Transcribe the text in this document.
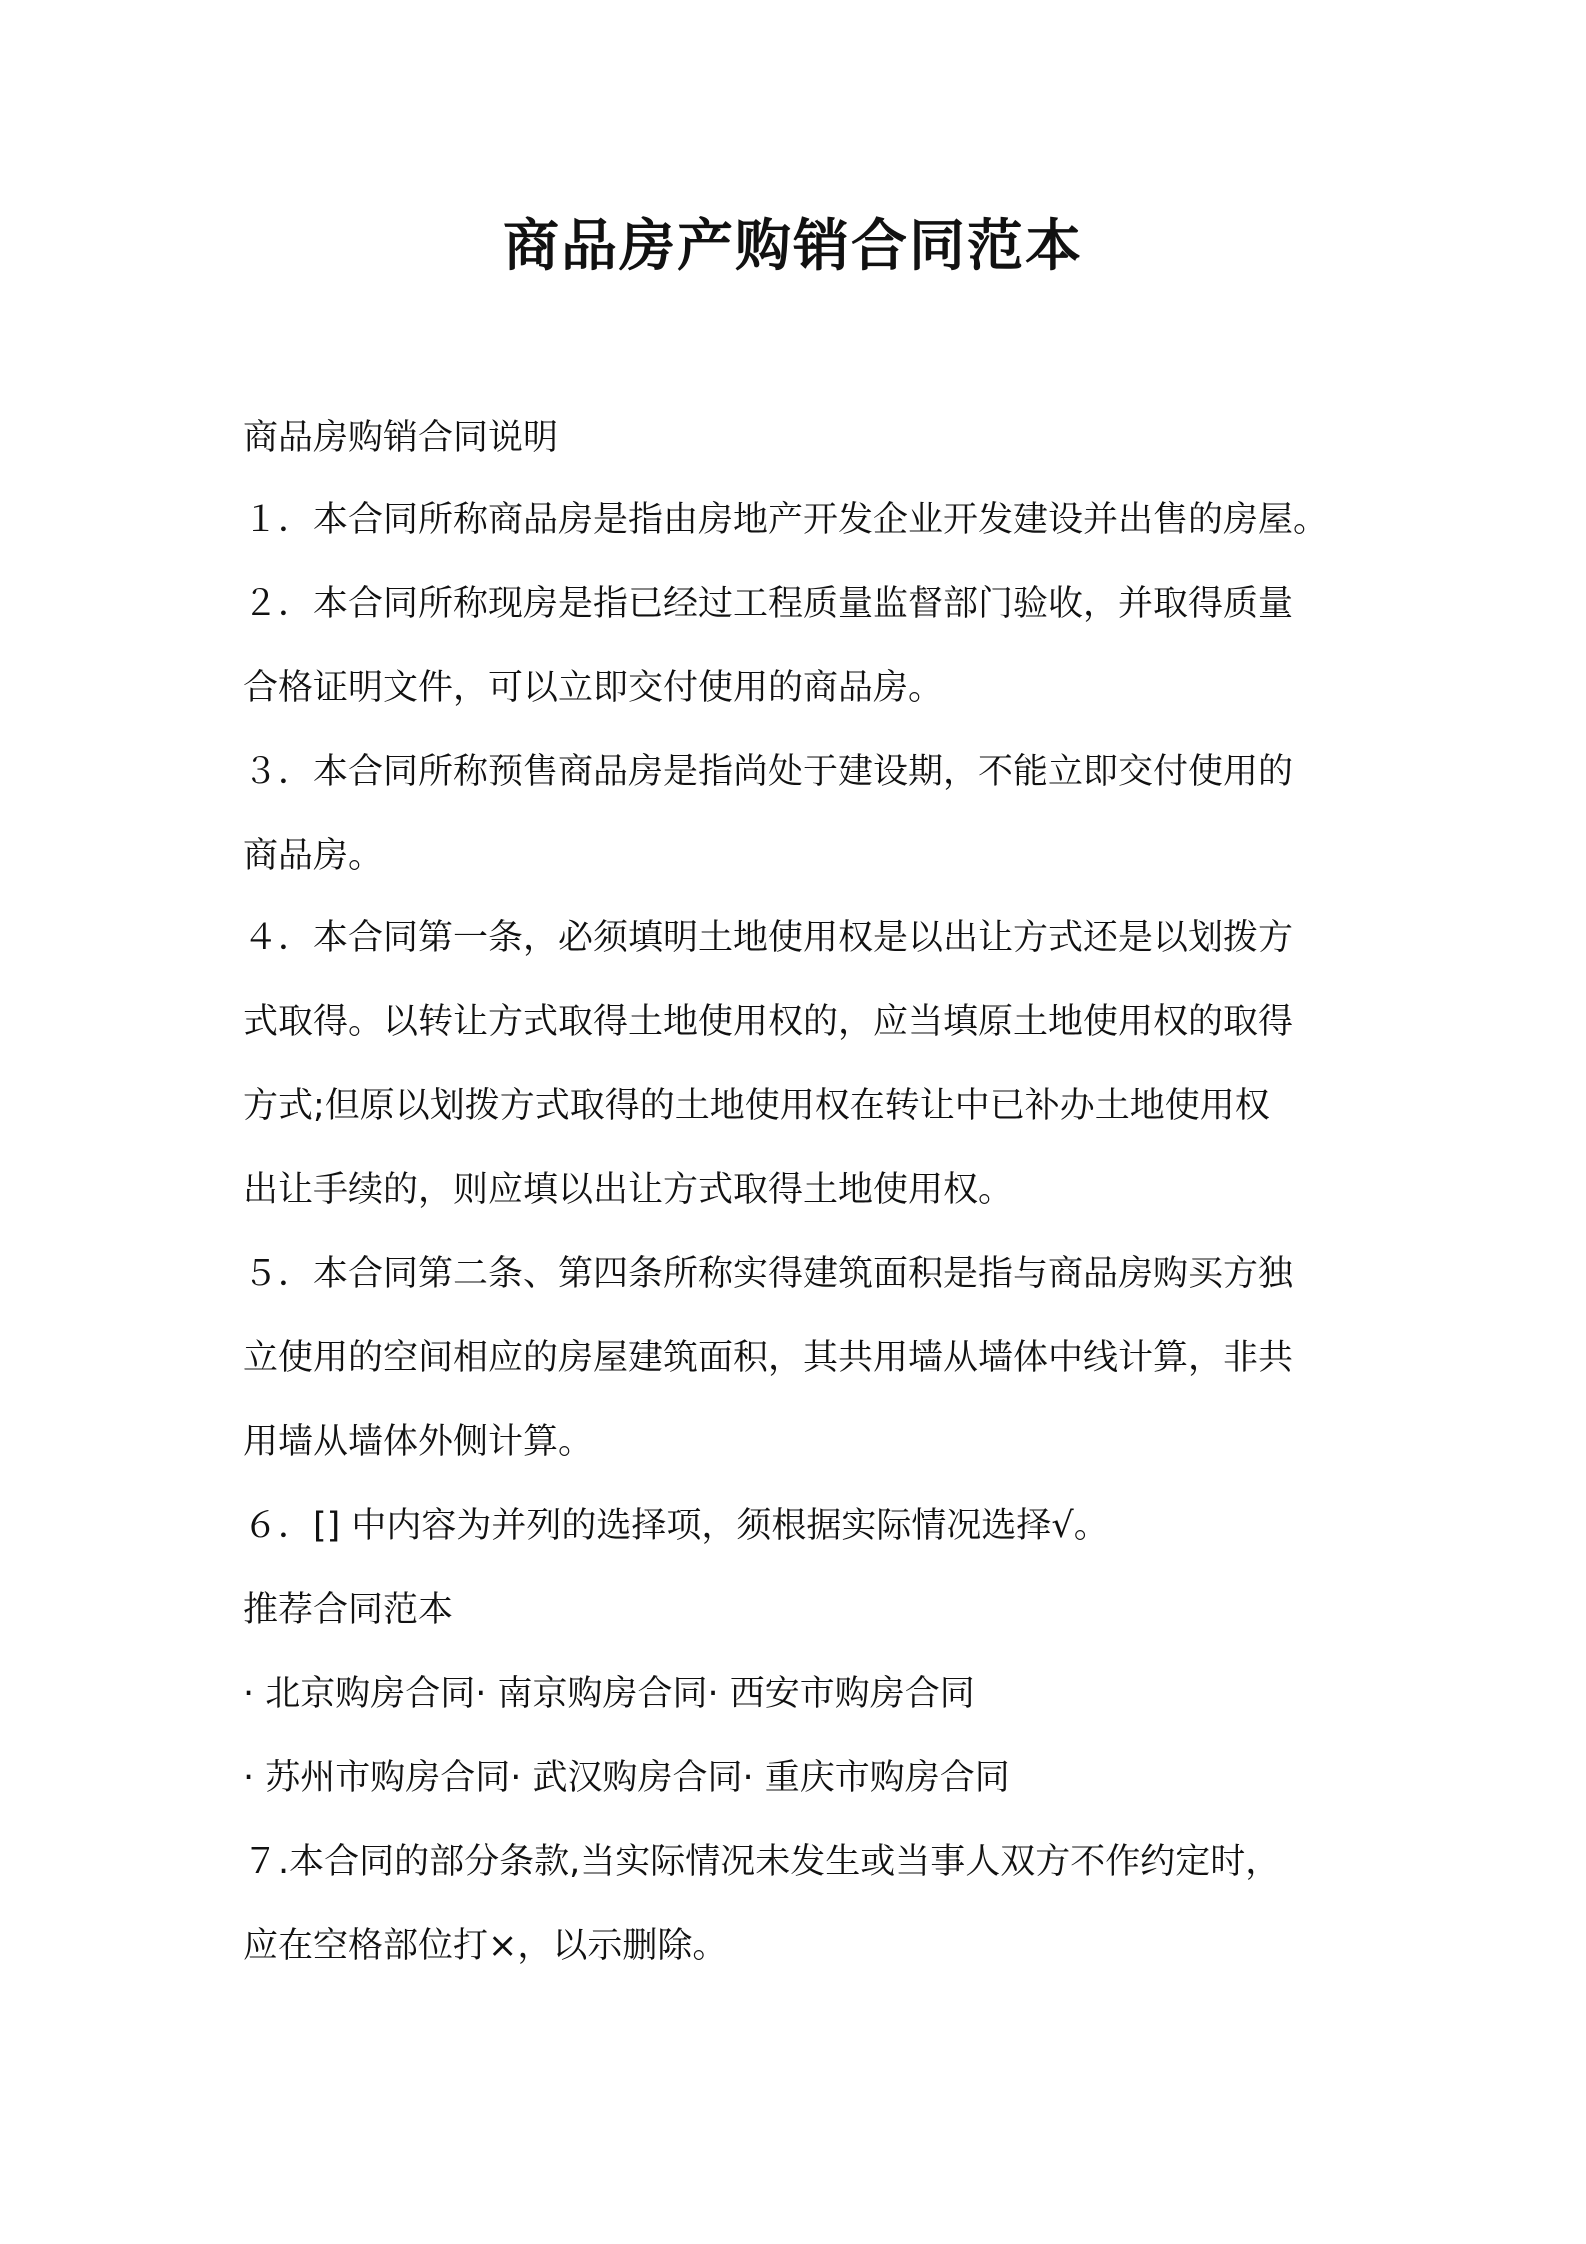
商品房产购销合同范本
商品房购销合同说明
１．本合同所称商品房是指由房地产开发企业开发建设并出售的房屋。
２．本合同所称现房是指已经过工程质量监督部门验收，并取得质量
合格证明文件，可以立即交付使用的商品房。
３．本合同所称预售商品房是指尚处于建设期，不能立即交付使用的
商品房。
４．本合同第一条，必须填明土地使用权是以出让方式还是以划拨方
式取得。以转让方式取得土地使用权的，应当填原土地使用权的取得
方式;但原以划拨方式取得的土地使用权在转让中已补办土地使用权
出让手续的，则应填以出让方式取得土地使用权。
５．本合同第二条、第四条所称实得建筑面积是指与商品房购买方独
立使用的空间相应的房屋建筑面积，其共用墙从墙体中线计算，非共
用墙从墙体外侧计算。
６．[] 中内容为并列的选择项，须根据实际情况选择√。
推荐合同范本
· 北京购房合同· 南京购房合同· 西安市购房合同
· 苏州市购房合同· 武汉购房合同· 重庆市购房合同
７.本合同的部分条款,当实际情况未发生或当事人双方不作约定时，
应在空格部位打×，以示删除。
